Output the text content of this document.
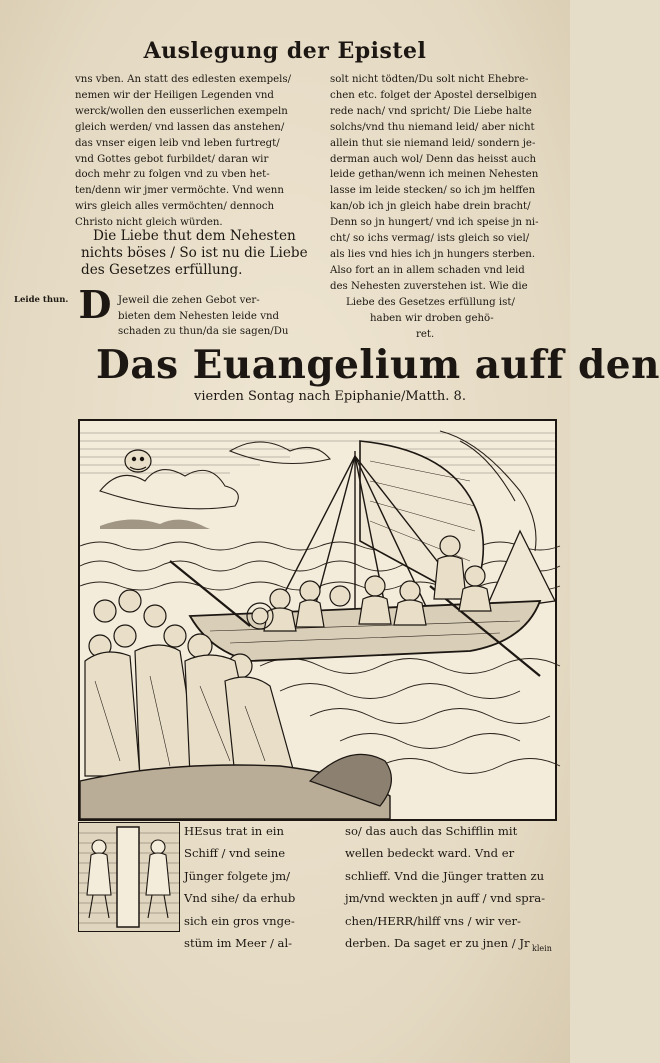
Auslegung der Epistel
vns vben. An statt des edlesten exempels/
nemen wir der Heiligen Legenden vnd
werck/wollen den eusserlichen exempeln
gleich werden/ vnd lassen das anstehen/
das vnser eigen leib vnd leben furtregt/
vnd Gottes gebot furbildet/ daran wir
doch mehr zu folgen vnd zu vben het-
ten/denn wir jmer vermöchte. Vnd wenn
wirs gleich alles vermöchten/ dennoch
Christo nicht gleich würden.
Die Liebe thut dem Nehesten
nichts böses / So ist nu die Liebe
des Gesetzes erfüllung.
Leide thun. D Jeweil die zehen Gebot ver-
bieten dem Nehesten leide vnd
schaden zu thun/da sie sagen/Du
solt nicht tödten/Du solt nicht Ehebre-
chen etc. folget der Apostel derselbigen
rede nach/ vnd spricht/ Die Liebe halte
solchs/vnd thu niemand leid/ aber nicht
allein thut sie niemand leid/ sondern je-
derman auch wol/ Denn das heisst auch
leide gethan/wenn ich meinen Nehesten
lasse im leide stecken/ so ich jm helffen
kan/ob ich jn gleich habe drein bracht/
Denn so jn hungert/ vnd ich speise jn ni-
cht/ so ichs vermag/ ists gleich so viel/
als lies vnd hies ich jn hungers sterben.
Also fort an in allem schaden vnd leid
des Nehesten zuverstehen ist. Wie die
Liebe des Gesetzes erfüllung ist/
haben wir droben gehö-
ret.
Das Euangelium auff den
vierden Sontag nach Epiphanie/Matth. 8.
HEsus trat in ein
Schiff / vnd seine
Jünger folgete jm/
Vnd sihe/ da erhub
sich ein gros vnge-
stüm im Meer / al-
so/ das auch das Schifflin mit
wellen bedeckt ward. Vnd er
schlieff. Vnd die Jünger tratten zu
jm/vnd weckten jn auff / vnd spra-
chen/HERR/hilff vns / wir ver-
derben. Da saget er zu jnen / Jr klein
